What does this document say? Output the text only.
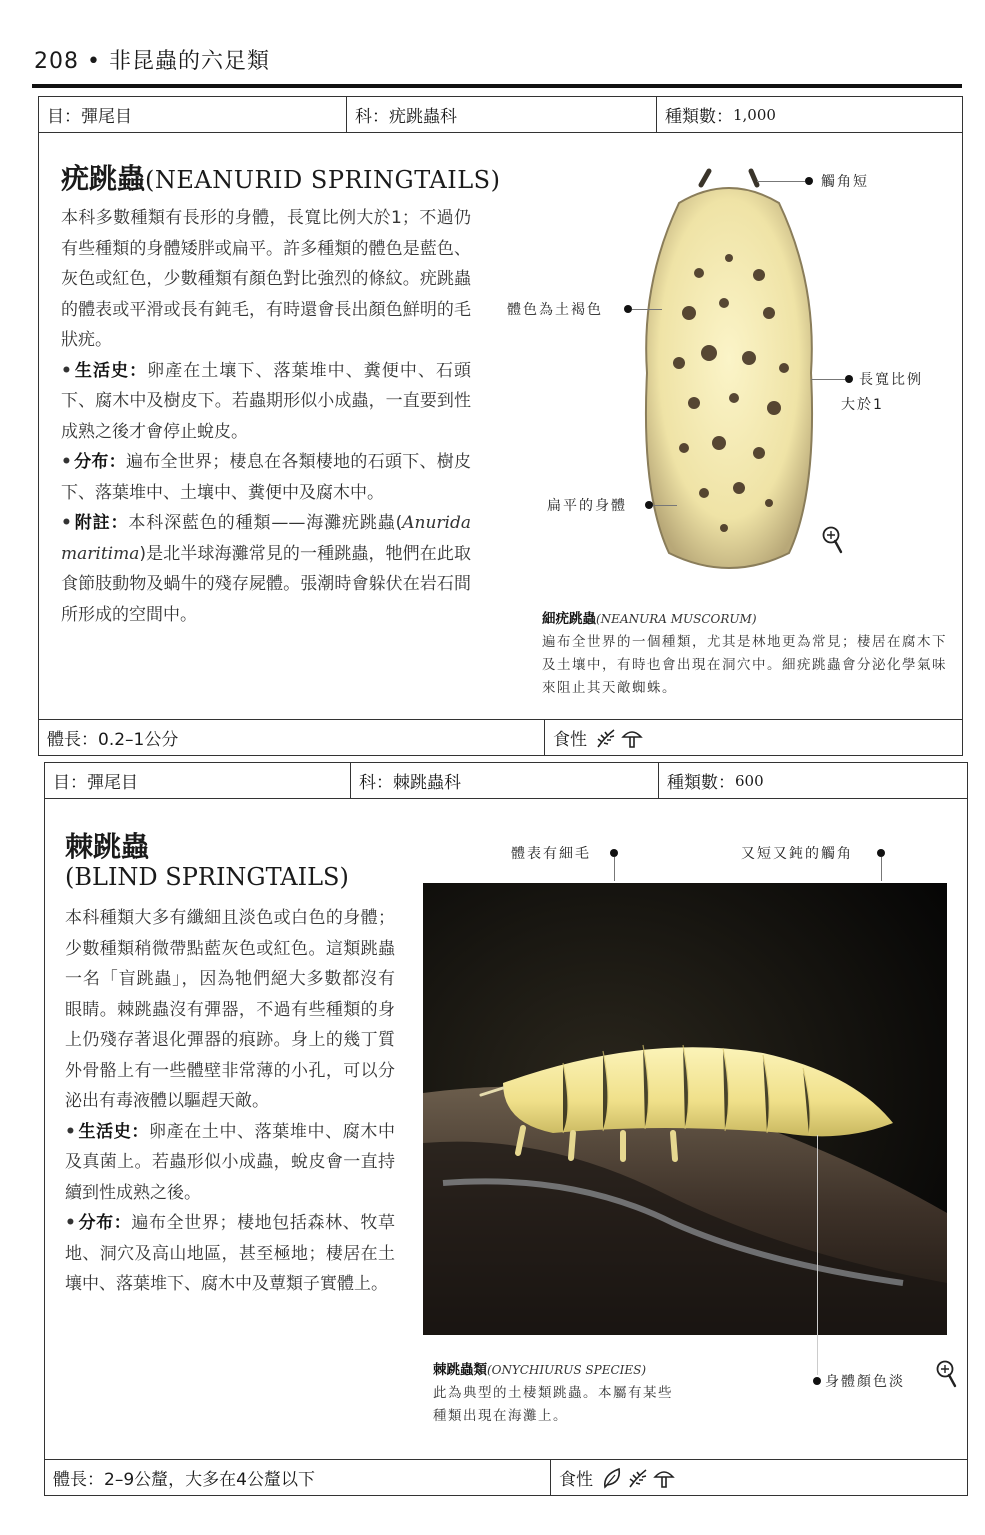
208 • 非昆蟲的六足類
目：彈尾目	科：疣跳蟲科	種類數： 1,000
疣跳蟲(NEANURID SPRINGTAILS)

本科多數種類有長形的身體，長寬比例大於1；不過仍有些種類的身體矮胖或扁平。許多種類的體色是藍色、灰色或紅色，少數種類有顏色對比強烈的條紋。疣跳蟲的體表或平滑或長有鈍毛，有時還會長出顏色鮮明的毛狀疣。

• 生活史：卵產在土壤下、落葉堆中、糞便中、石頭下、腐木中及樹皮下。若蟲期形似小成蟲，一直要到性成熟之後才會停止蛻皮。

• 分布：遍布全世界；棲息在各類棲地的石頭下、樹皮下、落葉堆中、土壤中、糞便中及腐木中。

• 附註：本科深藍色的種類——海灘疣跳蟲(Anurida maritima)是北半球海灘常見的一種跳蟲，牠們在此取食節肢動物及蝸牛的殘存屍體。張潮時會躲伏在岩石間所形成的空間中。

觸角短
體色為土褐色
長寬比例
大於1
扁平的身體
細疣跳蟲(NEANURA MUSCORUM)
遍布全世界的一個種類，尤其是林地更為常見；棲居在腐木下及土壤中，有時也會出現在洞穴中。細疣跳蟲會分泌化學氣味來阻止其天敵蜘蛛。
體長：0.2–1公分	食性
目：彈尾目	科：棘跳蟲科	種類數： 600
棘跳蟲
(BLIND SPRINGTAILS)

本科種類大多有纖細且淡色或白色的身體；少數種類稍微帶點藍灰色或紅色。這類跳蟲一名「盲跳蟲」，因為牠們絕大多數都沒有眼睛。棘跳蟲沒有彈器，不過有些種類的身上仍殘存著退化彈器的痕跡。身上的幾丁質外骨骼上有一些體壁非常薄的小孔，可以分泌出有毒液體以驅趕天敵。

• 生活史：卵產在土中、落葉堆中、腐木中及真菌上。若蟲形似小成蟲，蛻皮會一直持續到性成熟之後。

• 分布：遍布全世界；棲地包括森林、牧草地、洞穴及高山地區，甚至極地；棲居在土壤中、落葉堆下、腐木中及蕈類子實體上。

體表有細毛	又短又鈍的觸角
身體顏色淡
棘跳蟲類(ONYCHIURUS SPECIES)
此為典型的土棲類跳蟲。本屬有某些種類出現在海灘上。
體長：2–9公釐，大多在4公釐以下	食性
